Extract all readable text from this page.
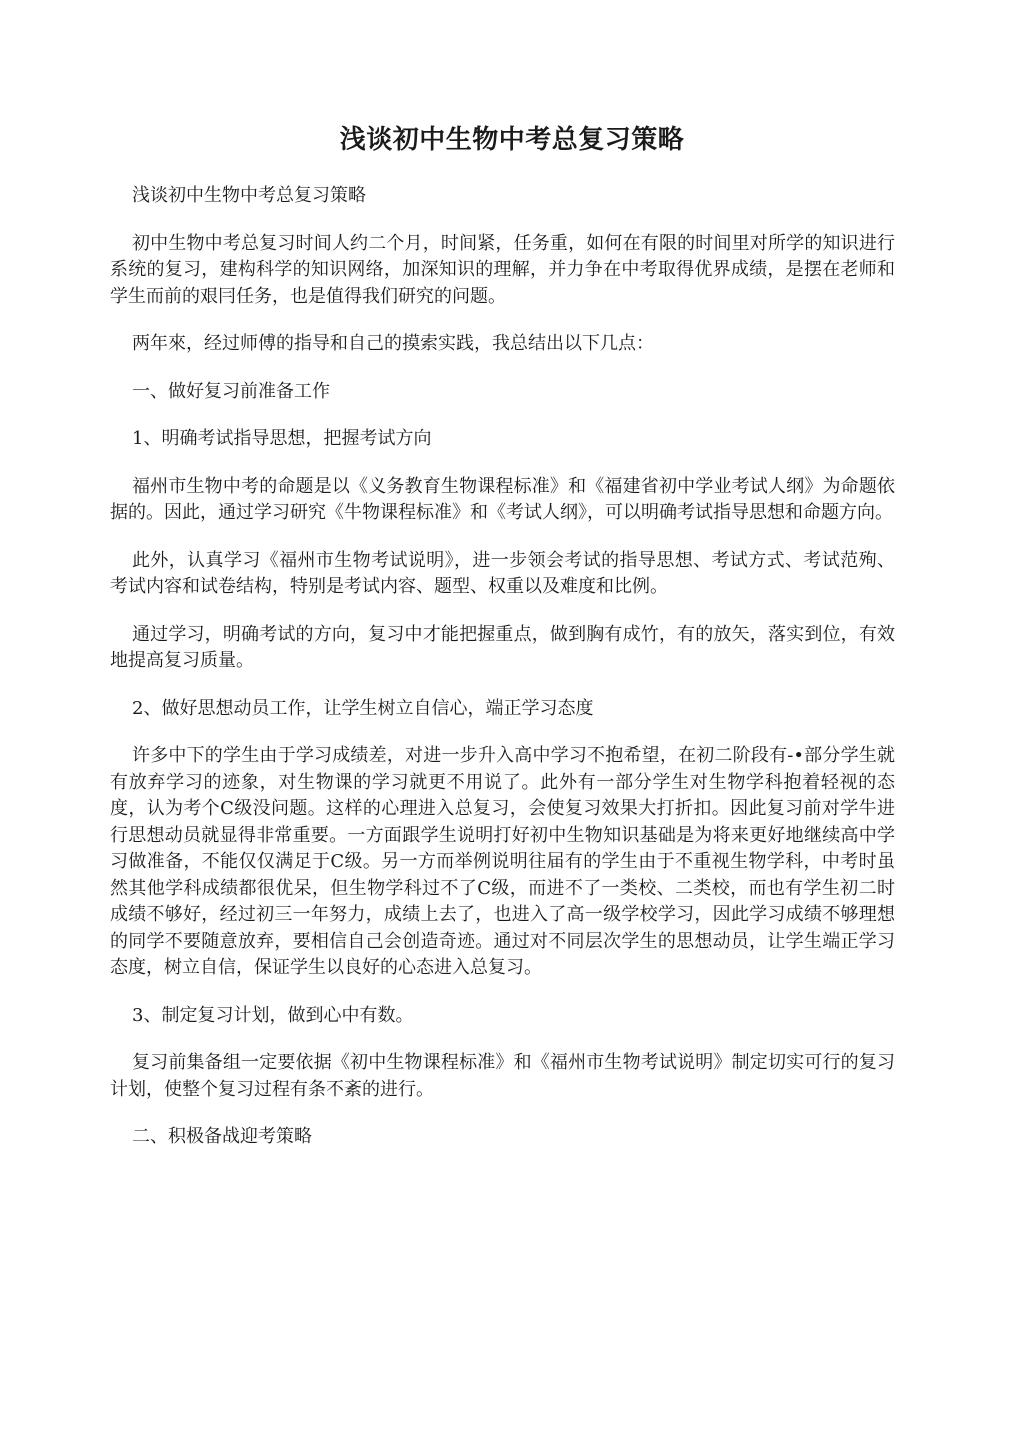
浅谈初中生物中考总复习策略

浅谈初中生物中考总复习策略

初中生物中考总复习时间人约二个月，时间紧，任务重，如何在有限的时间里对所学的知识进行系统的复习，建构科学的知识网络，加深知识的理解，并力争在中考取得优界成绩，是摆在老师和学生而前的艰冃任务，也是值得我们研究的问题。

两年來，经过师傅的指导和自己的摸索实践，我总结出以下几点：

一、做好复习前准备工作

1、明确考试指导思想，把握考试方向

福州市生物中考的命题是以《义务教育生物课程标准》和《福建省初中学业考试人纲》为命题依据的。因此，通过学习研究《牛物课程标准》和《考试人纲》，可以明确考试指导思想和命题方向。

此外，认真学习《福州市生物考试说明》，进一步领会考试的指导思想、考试方式、考试范殉、考试内容和试卷结构，特别是考试内容、题型、权重以及难度和比例。

通过学习，明确考试的方向，复习中才能把握重点，做到胸有成竹，有的放矢，落实到位，有效地提高复习质量。

2、做好思想动员工作，让学生树立自信心，端正学习态度

许多中下的学生由于学习成绩差，对进一步升入高中学习不抱希望，在初二阶段有-•部分学生就有放弃学习的迹象，对生物课的学习就更不用说了。此外有一部分学生对生物学科抱着轻视的态度，认为考个C级没问题。这样的心理进入总复习，会使复习效果大打折扣。因此复习前对学牛进行思想动员就显得非常重要。一方面跟学生说明打好初中生物知识基础是为将来更好地继续高中学习做准备，不能仅仅满足于C级。另一方而举例说明往届有的学生由于不重视生物学科，中考时虽然其他学科成绩都很优呆，但生物学科过不了C级，而进不了一类校、二类校，而也有学生初二时成绩不够好，经过初三一年努力，成绩上去了，也进入了高一级学校学习，因此学习成绩不够理想的同学不要随意放弃，要相信自己会创造奇迹。通过对不同层次学生的思想动员，让学生端正学习态度，树立自信，保证学生以良好的心态进入总复习。

3、制定复习计划，做到心中有数。

复习前集备组一定要依据《初中生物课程标准》和《福州市生物考试说明》制定切实可行的复习计划，使整个复习过程有条不紊的进行。

二、积极备战迎考策略
